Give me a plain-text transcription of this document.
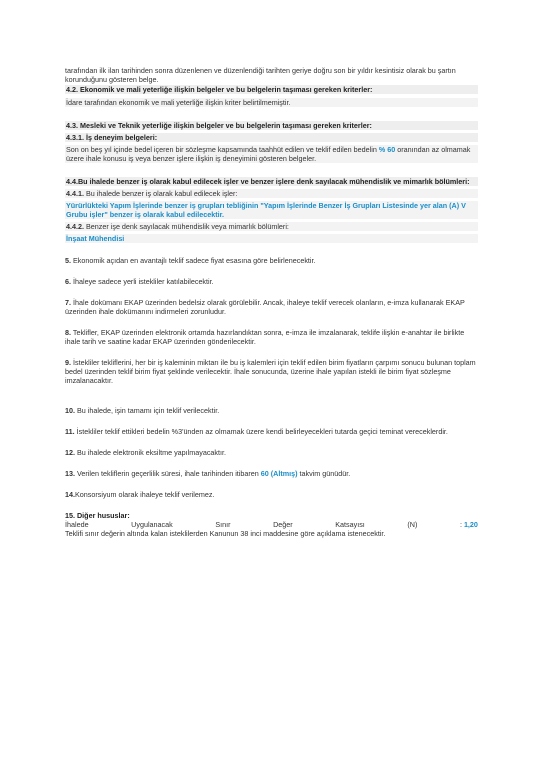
tarafından ilk ilan tarihinden sonra düzenlenen ve düzenlendiği tarihten geriye doğru son bir yıldır kesintisiz olarak bu şartın korunduğunu gösteren belge.

4.2. Ekonomik ve mali yeterliğe ilişkin belgeler ve bu belgelerin taşıması gereken kriterler:

İdare tarafından ekonomik ve mali yeterliğe ilişkin kriter belirtilmemiştir.

4.3. Mesleki ve Teknik yeterliğe ilişkin belgeler ve bu belgelerin taşıması gereken kriterler:

4.3.1. İş deneyim belgeleri:

Son on beş yıl içinde bedel içeren bir sözleşme kapsamında taahhüt edilen ve teklif edilen bedelin % 60 oranından az olmamak üzere ihale konusu iş veya benzer işlere ilişkin iş deneyimini gösteren belgeler.

4.4.Bu ihalede benzer iş olarak kabul edilecek işler ve benzer işlere denk sayılacak mühendislik ve mimarlık bölümleri:

4.4.1. Bu ihalede benzer iş olarak kabul edilecek işler:

Yürürlükteki Yapım İşlerinde benzer iş grupları tebliğinin "Yapım İşlerinde Benzer İş Grupları Listesinde yer alan (A) V Grubu işler" benzer iş olarak kabul edilecektir.

4.4.2. Benzer işe denk sayılacak mühendislik veya mimarlık bölümleri:

İnşaat Mühendisi

5. Ekonomik açıdan en avantajlı teklif sadece fiyat esasına göre belirlenecektir.

6. İhaleye sadece yerli istekliler katılabilecektir.

7. İhale dokümanı EKAP üzerinden bedelsiz olarak görülebilir. Ancak, ihaleye teklif verecek olanların, e-imza kullanarak EKAP üzerinden ihale dokümanını indirmeleri zorunludur.

8. Teklifler, EKAP üzerinden elektronik ortamda hazırlandıktan sonra, e-imza ile imzalanarak, teklife ilişkin e-anahtar ile birlikte ihale tarih ve saatine kadar EKAP üzerinden gönderilecektir.

9. İstekliler tekliflerini, her bir iş kaleminin miktarı ile bu iş kalemleri için teklif edilen birim fiyatların çarpımı sonucu bulunan toplam bedel üzerinden teklif birim fiyat şeklinde verilecektir. İhale sonucunda, üzerine ihale yapılan istekli ile birim fiyat sözleşme imzalanacaktır.

10. Bu ihalede, işin tamamı için teklif verilecektir.

11. İstekliler teklif ettikleri bedelin %3'ünden az olmamak üzere kendi belirleyecekleri tutarda geçici teminat vereceklerdir.

12. Bu ihalede elektronik eksiltme yapılmayacaktır.

13. Verilen tekliflerin geçerlilik süresi, ihale tarihinden itibaren 60 (Altmış) takvim günüdür.

14.Konsorsiyum olarak ihaleye teklif verilemez.

15. Diğer hususlar:

İhalede	Uygulanacak	Sınır	Değer	Katsayısı	(N)	: 1,20

Teklifi sınır değerin altında kalan isteklilerden Kanunun 38 inci maddesine göre açıklama istenecektir.
